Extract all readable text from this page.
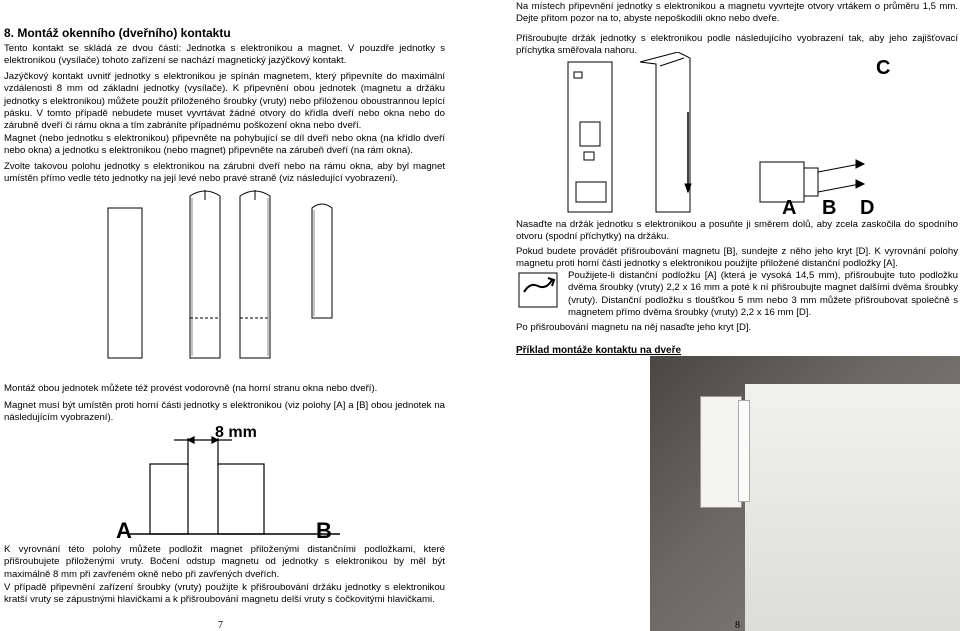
8. Montáž okenního (dveřního) kontaktu

Tento kontakt se skládá ze dvou částí: Jednotka s elektronikou a magnet. V pouzdře jednotky s elektronikou (vysílače) tohoto zařízení se nachází magnetický jazýčkový kontakt.

Jazýčkový kontakt uvnitř jednotky s elektronikou je spínán magnetem, který připevníte do maximální vzdálenosti 8 mm od základní jednotky (vysílače). K připevnění obou jednotek (magnetu a držáku jednotky s elektronikou) můžete použít přiloženého šroubky (vruty) nebo přiloženou oboustrannou lepící pásku. V tomto případě nebudete muset vyvrtávat žádné otvory do křídla dveří nebo okna nebo do zárubně dveří či rámu okna a tím zabráníte případnému poškození okna nebo dveří.

Magnet (nebo jednotku s elektronikou) připevněte na pohybující se díl dveří nebo okna (na křídlo dveří nebo okna) a jednotku s elektronikou (nebo magnet) připevněte na zárubeň dveří (na rám okna).

Zvolte takovou polohu jednotky s elektronikou na zárubni dveří nebo na rámu okna, aby byl magnet umístěn přímo vedle této jednotky na její levé nebo pravé straně (viz následující vyobrazení).

Montáž obou jednotek můžete též provést vodorovně (na horní stranu okna nebo dveří).

Magnet musí být umístěn proti horní části jednotky s elektronikou (viz polohy [A] a [B] obou jednotek na následujícím vyobrazení).

K vyrovnání této polohy můžete podložit magnet přiloženými distančními podložkami, které přišroubujete přiloženými vruty. Bočení odstup magnetu od jednotky s elektronikou by měl být maximálně 8 mm při zavřeném okně nebo při zavřených dveřích.

V případě připevnění zařízení šroubky (vruty) použijte k přišroubování držáku jednotky s elektronikou kratší vruty se zápustnými hlavičkami a k přišroubování magnetu delší vruty s čočkovitými hlavičkami.

8 mm
A	B
7

Na místech připevnění jednotky s elektronikou a magnetu vyvrtejte otvory vrtákem o průměru 1,5 mm. Dejte přitom pozor na to, abyste nepoškodili okno nebo dveře.

Přišroubujte držák jednotky s elektronikou podle následujícího vyobrazení tak, aby jeho zajišťovací příchytka směřovala nahoru.

Nasaďte na držák jednotku s elektronikou a posuňte ji směrem dolů, aby zcela zaskočila do spodního otvoru (spodní příchytky) na držáku.

Pokud budete provádět přišroubování magnetu [B], sundejte z něho jeho kryt [D]. K vyrovnání polohy magnetu proti horní části jednotky s elektronikou použijte přiložené distanční podložky [A].

Použijete-li distanční podložku [A] (která je vysoká 14,5 mm), přišroubujte tuto podložku dvěma šroubky (vruty) 2,2 x 16 mm a poté k ní přišroubujte magnet dalšími dvěma šroubky (vruty). Distanční podložku s tloušťkou 5 mm nebo 3 mm můžete přišroubovat společně s magnetem přímo dvěma šroubky (vruty) 2,2 x 16 mm [D].

Po přišroubování magnetu na něj nasaďte jeho kryt [D].

Příklad montáže kontaktu na dveře

C
A B D
8
